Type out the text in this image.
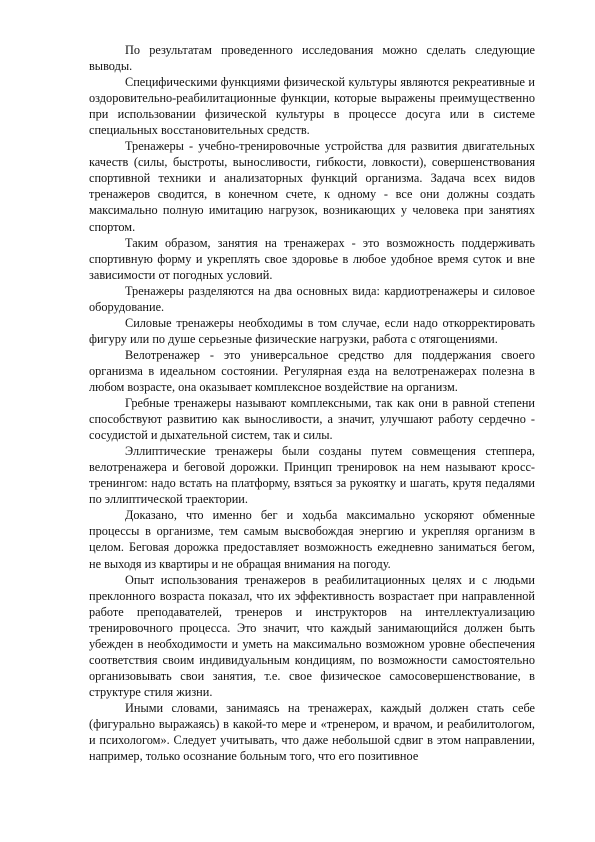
По результатам проведенного исследования можно сделать следующие выводы.

Специфическими функциями физической культуры являются рекреативные и оздоровительно-реабилитационные функции, которые выражены преимущественно при использовании физической культуры в процессе досуга или в системе специальных восстановительных средств.

Тренажеры - учебно-тренировочные устройства для развития двигательных качеств (силы, быстроты, выносливости, гибкости, ловкости), совершенствования спортивной техники и анализаторных функций организма. Задача всех видов тренажеров сводится, в конечном счете, к одному - все они должны создать максимально полную имитацию нагрузок, возникающих у человека при занятиях спортом.

Таким образом, занятия на тренажерах - это возможность поддерживать спортивную форму и укреплять свое здоровье в любое удобное время суток и вне зависимости от погодных условий.

Тренажеры разделяются на два основных вида: кардиотренажеры и силовое оборудование.

Силовые тренажеры необходимы в том случае, если надо откорректировать фигуру или по душе серьезные физические нагрузки, работа с отягощениями.

Велотренажер - это универсальное средство для поддержания своего организма в идеальном состоянии. Регулярная езда на велотренажерах полезна в любом возрасте, она оказывает комплексное воздействие на организм.

Гребные тренажеры называют комплексными, так как они в равной степени способствуют развитию как выносливости, а значит, улучшают работу сердечно - сосудистой и дыхательной систем, так и силы.

Эллиптические тренажеры были созданы путем совмещения степпера, велотренажера и беговой дорожки. Принцип тренировок на нем называют кросс-тренингом: надо встать на платформу, взяться за рукоятку и шагать, крутя педалями по эллиптической траектории.

Доказано, что именно бег и ходьба максимально ускоряют обменные процессы в организме, тем самым высвобождая энергию и укрепляя организм в целом. Беговая дорожка предоставляет возможность ежедневно заниматься бегом, не выходя из квартиры и не обращая внимания на погоду.

Опыт использования тренажеров в реабилитационных целях и с людьми преклонного возраста показал, что их эффективность возрастает при направленной работе преподавателей, тренеров и инструкторов на интеллектуализацию тренировочного процесса. Это значит, что каждый занимающийся должен быть убежден в необходимости и уметь на максимально возможном уровне обеспечения соответствия своим индивидуальным кондициям, по возможности самостоятельно организовывать свои занятия, т.е. свое физическое самосовершенствование, в структуре стиля жизни.

Иными словами, занимаясь на тренажерах, каждый должен стать себе (фигурально выражаясь) в какой-то мере и «тренером, и врачом, и реабилитологом, и психологом». Следует учитывать, что даже небольшой сдвиг в этом направлении, например, только осознание больным того, что его позитивное
